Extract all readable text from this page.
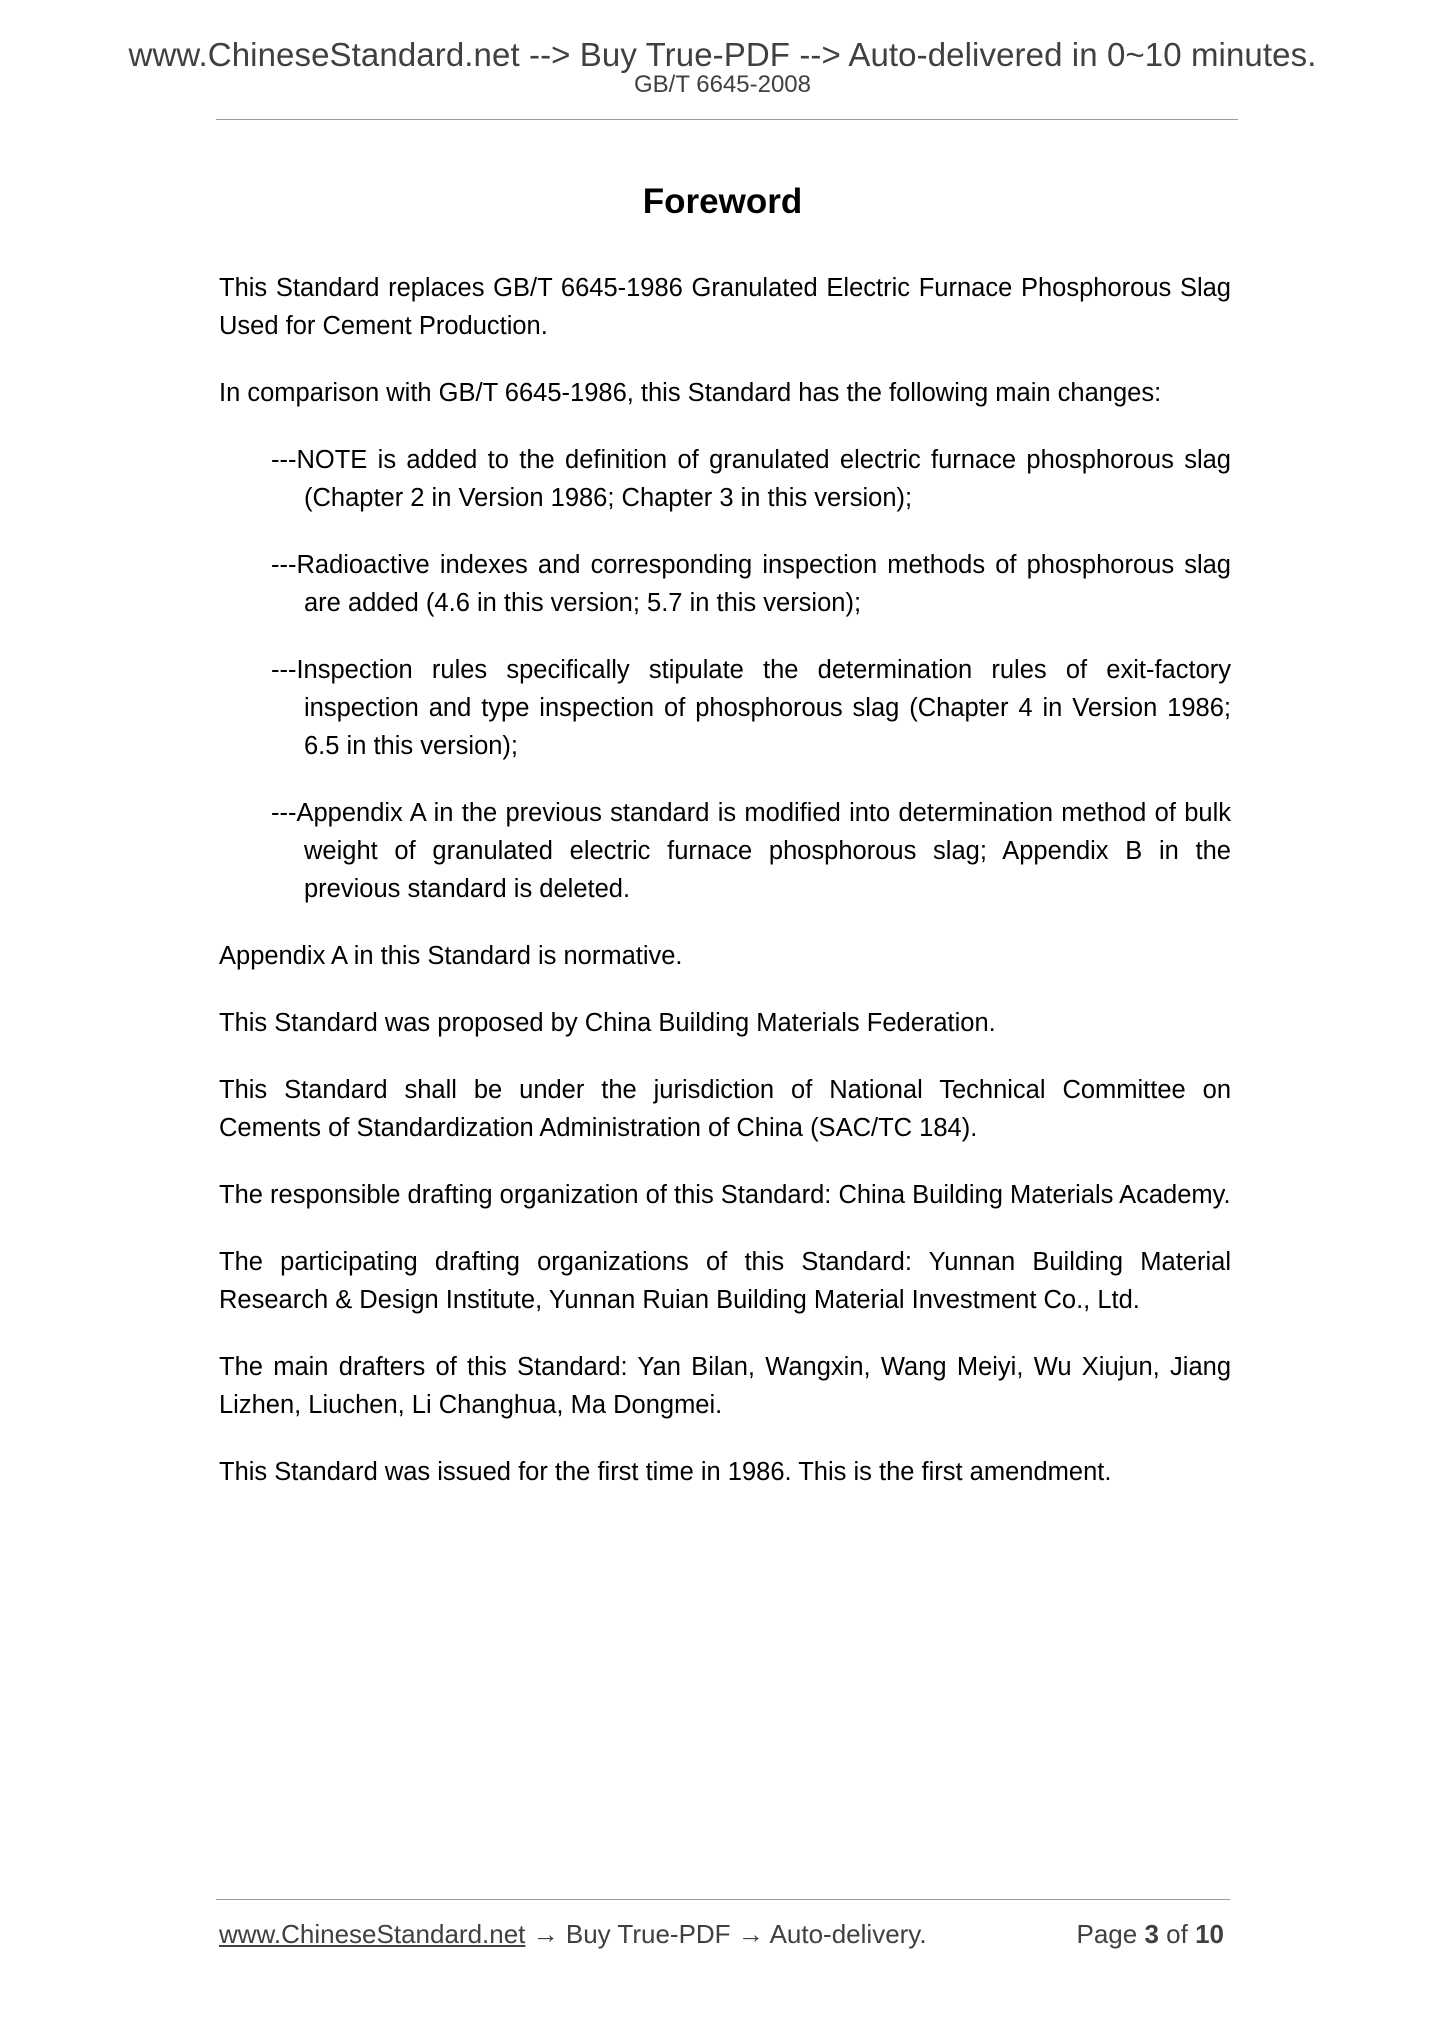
www.ChineseStandard.net --> Buy True-PDF --> Auto-delivered in 0~10 minutes.
GB/T 6645-2008
Foreword

This Standard replaces GB/T 6645-1986 Granulated Electric Furnace Phosphorous Slag Used for Cement Production.

In comparison with GB/T 6645-1986, this Standard has the following main changes:

---NOTE is added to the definition of granulated electric furnace phosphorous slag (Chapter 2 in Version 1986; Chapter 3 in this version);

---Radioactive indexes and corresponding inspection methods of phosphorous slag are added (4.6 in this version; 5.7 in this version);

---Inspection rules specifically stipulate the determination rules of exit-factory inspection and type inspection of phosphorous slag (Chapter 4 in Version 1986; 6.5 in this version);

---Appendix A in the previous standard is modified into determination method of bulk weight of granulated electric furnace phosphorous slag; Appendix B in the previous standard is deleted.

Appendix A in this Standard is normative.

This Standard was proposed by China Building Materials Federation.

This Standard shall be under the jurisdiction of National Technical Committee on Cements of Standardization Administration of China (SAC/TC 184).

The responsible drafting organization of this Standard: China Building Materials Academy.

The participating drafting organizations of this Standard: Yunnan Building Material Research & Design Institute, Yunnan Ruian Building Material Investment Co., Ltd.

The main drafters of this Standard: Yan Bilan, Wangxin, Wang Meiyi, Wu Xiujun, Jiang Lizhen, Liuchen, Li Changhua, Ma Dongmei.

This Standard was issued for the first time in 1986. This is the first amendment.

www.ChineseStandard.net → Buy True-PDF → Auto-delivery.	Page 3 of 10
